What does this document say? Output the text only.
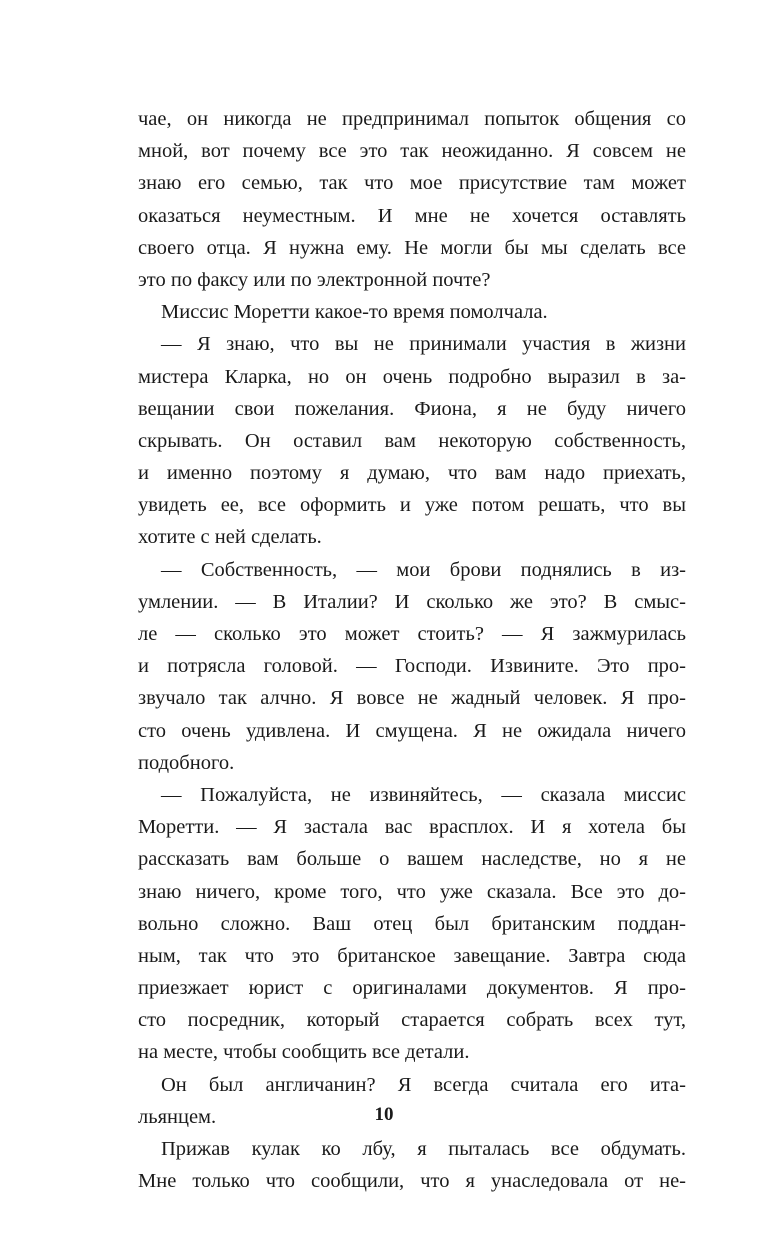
чае, он никогда не предпринимал попыток общения со
мной, вот почему все это так неожиданно. Я совсем не
знаю его семью, так что мое присутствие там может
оказаться неуместным. И мне не хочется оставлять
своего отца. Я нужна ему. Не могли бы мы сделать все
это по факсу или по электронной почте?
Миссис Моретти какое-то время помолчала.
— Я знаю, что вы не принимали участия в жизни
мистера Кларка, но он очень подробно выразил в за-
вещании свои пожелания. Фиона, я не буду ничего
скрывать. Он оставил вам некоторую собственность,
и именно поэтому я думаю, что вам надо приехать,
увидеть ее, все оформить и уже потом решать, что вы
хотите с ней сделать.
— Собственность, — мои брови поднялись в из-
умлении. — В Италии? И сколько же это? В смыс-
ле — сколько это может стоить? — Я зажмурилась
и потрясла головой. — Господи. Извините. Это про-
звучало так алчно. Я вовсе не жадный человек. Я про-
сто очень удивлена. И смущена. Я не ожидала ничего
подобного.
— Пожалуйста, не извиняйтесь, — сказала миссис
Моретти. — Я застала вас врасплох. И я хотела бы
рассказать вам больше о вашем наследстве, но я не
знаю ничего, кроме того, что уже сказала. Все это до-
вольно сложно. Ваш отец был британским поддан-
ным, так что это британское завещание. Завтра сюда
приезжает юрист с оригиналами документов. Я про-
сто посредник, который старается собрать всех тут,
на месте, чтобы сообщить все детали.
Он был англичанин? Я всегда считала его ита-
льянцем.
Прижав кулак ко лбу, я пыталась все обдумать.
Мне только что сообщили, что я унаследовала от не-
10
